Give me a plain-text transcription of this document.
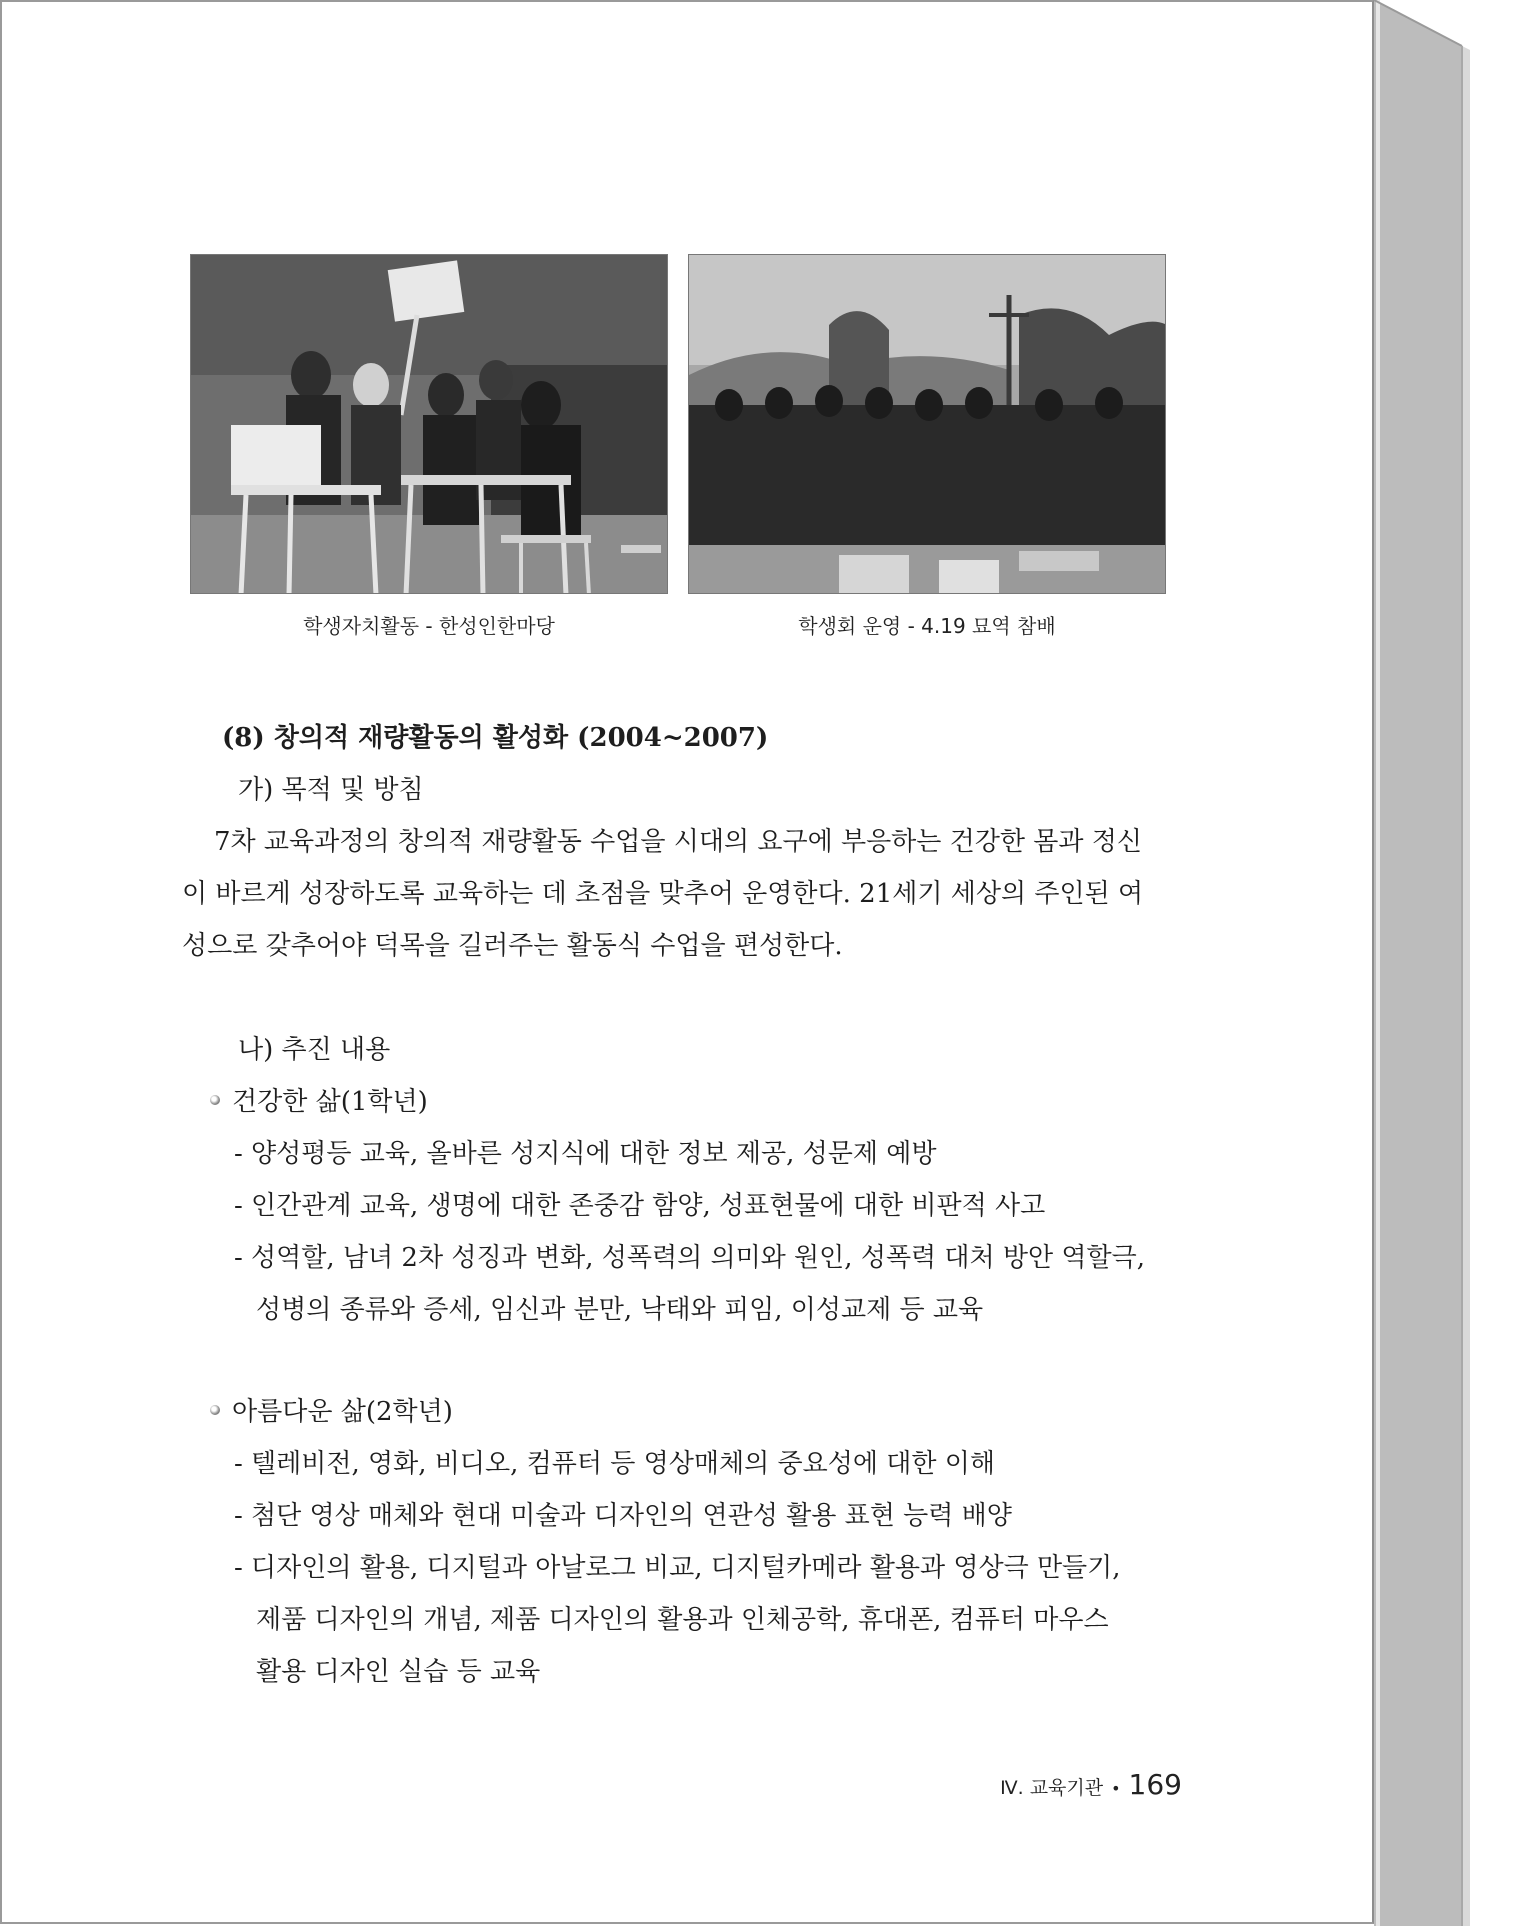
학생자치활동 - 한성인한마당	학생회 운영 - 4.19 묘역 참배
(8) 창의적 재량활동의 활성화 (2004~2007)
가) 목적 및 방침
7차 교육과정의 창의적 재량활동 수업을 시대의 요구에 부응하는 건강한 몸과 정신
이 바르게 성장하도록 교육하는 데 초점을 맞추어 운영한다. 21세기 세상의 주인된 여
성으로 갖추어야 덕목을 길러주는 활동식 수업을 편성한다.
나) 추진 내용
건강한 삶(1학년)
- 양성평등 교육, 올바른 성지식에 대한 정보 제공, 성문제 예방
- 인간관계 교육, 생명에 대한 존중감 함양, 성표현물에 대한 비판적 사고
- 성역할, 남녀 2차 성징과 변화, 성폭력의 의미와 원인, 성폭력 대처 방안 역할극,
성병의 종류와 증세, 임신과 분만, 낙태와 피임, 이성교제 등 교육
아름다운 삶(2학년)
- 텔레비전, 영화, 비디오, 컴퓨터 등 영상매체의 중요성에 대한 이해
- 첨단 영상 매체와 현대 미술과 디자인의 연관성 활용 표현 능력 배양
- 디자인의 활용, 디지털과 아날로그 비교, 디지털카메라 활용과 영상극 만들기,
제품 디자인의 개념, 제품 디자인의 활용과 인체공학, 휴대폰, 컴퓨터 마우스
활용 디자인 실습 등 교육
Ⅳ. 교육기관 • 169
